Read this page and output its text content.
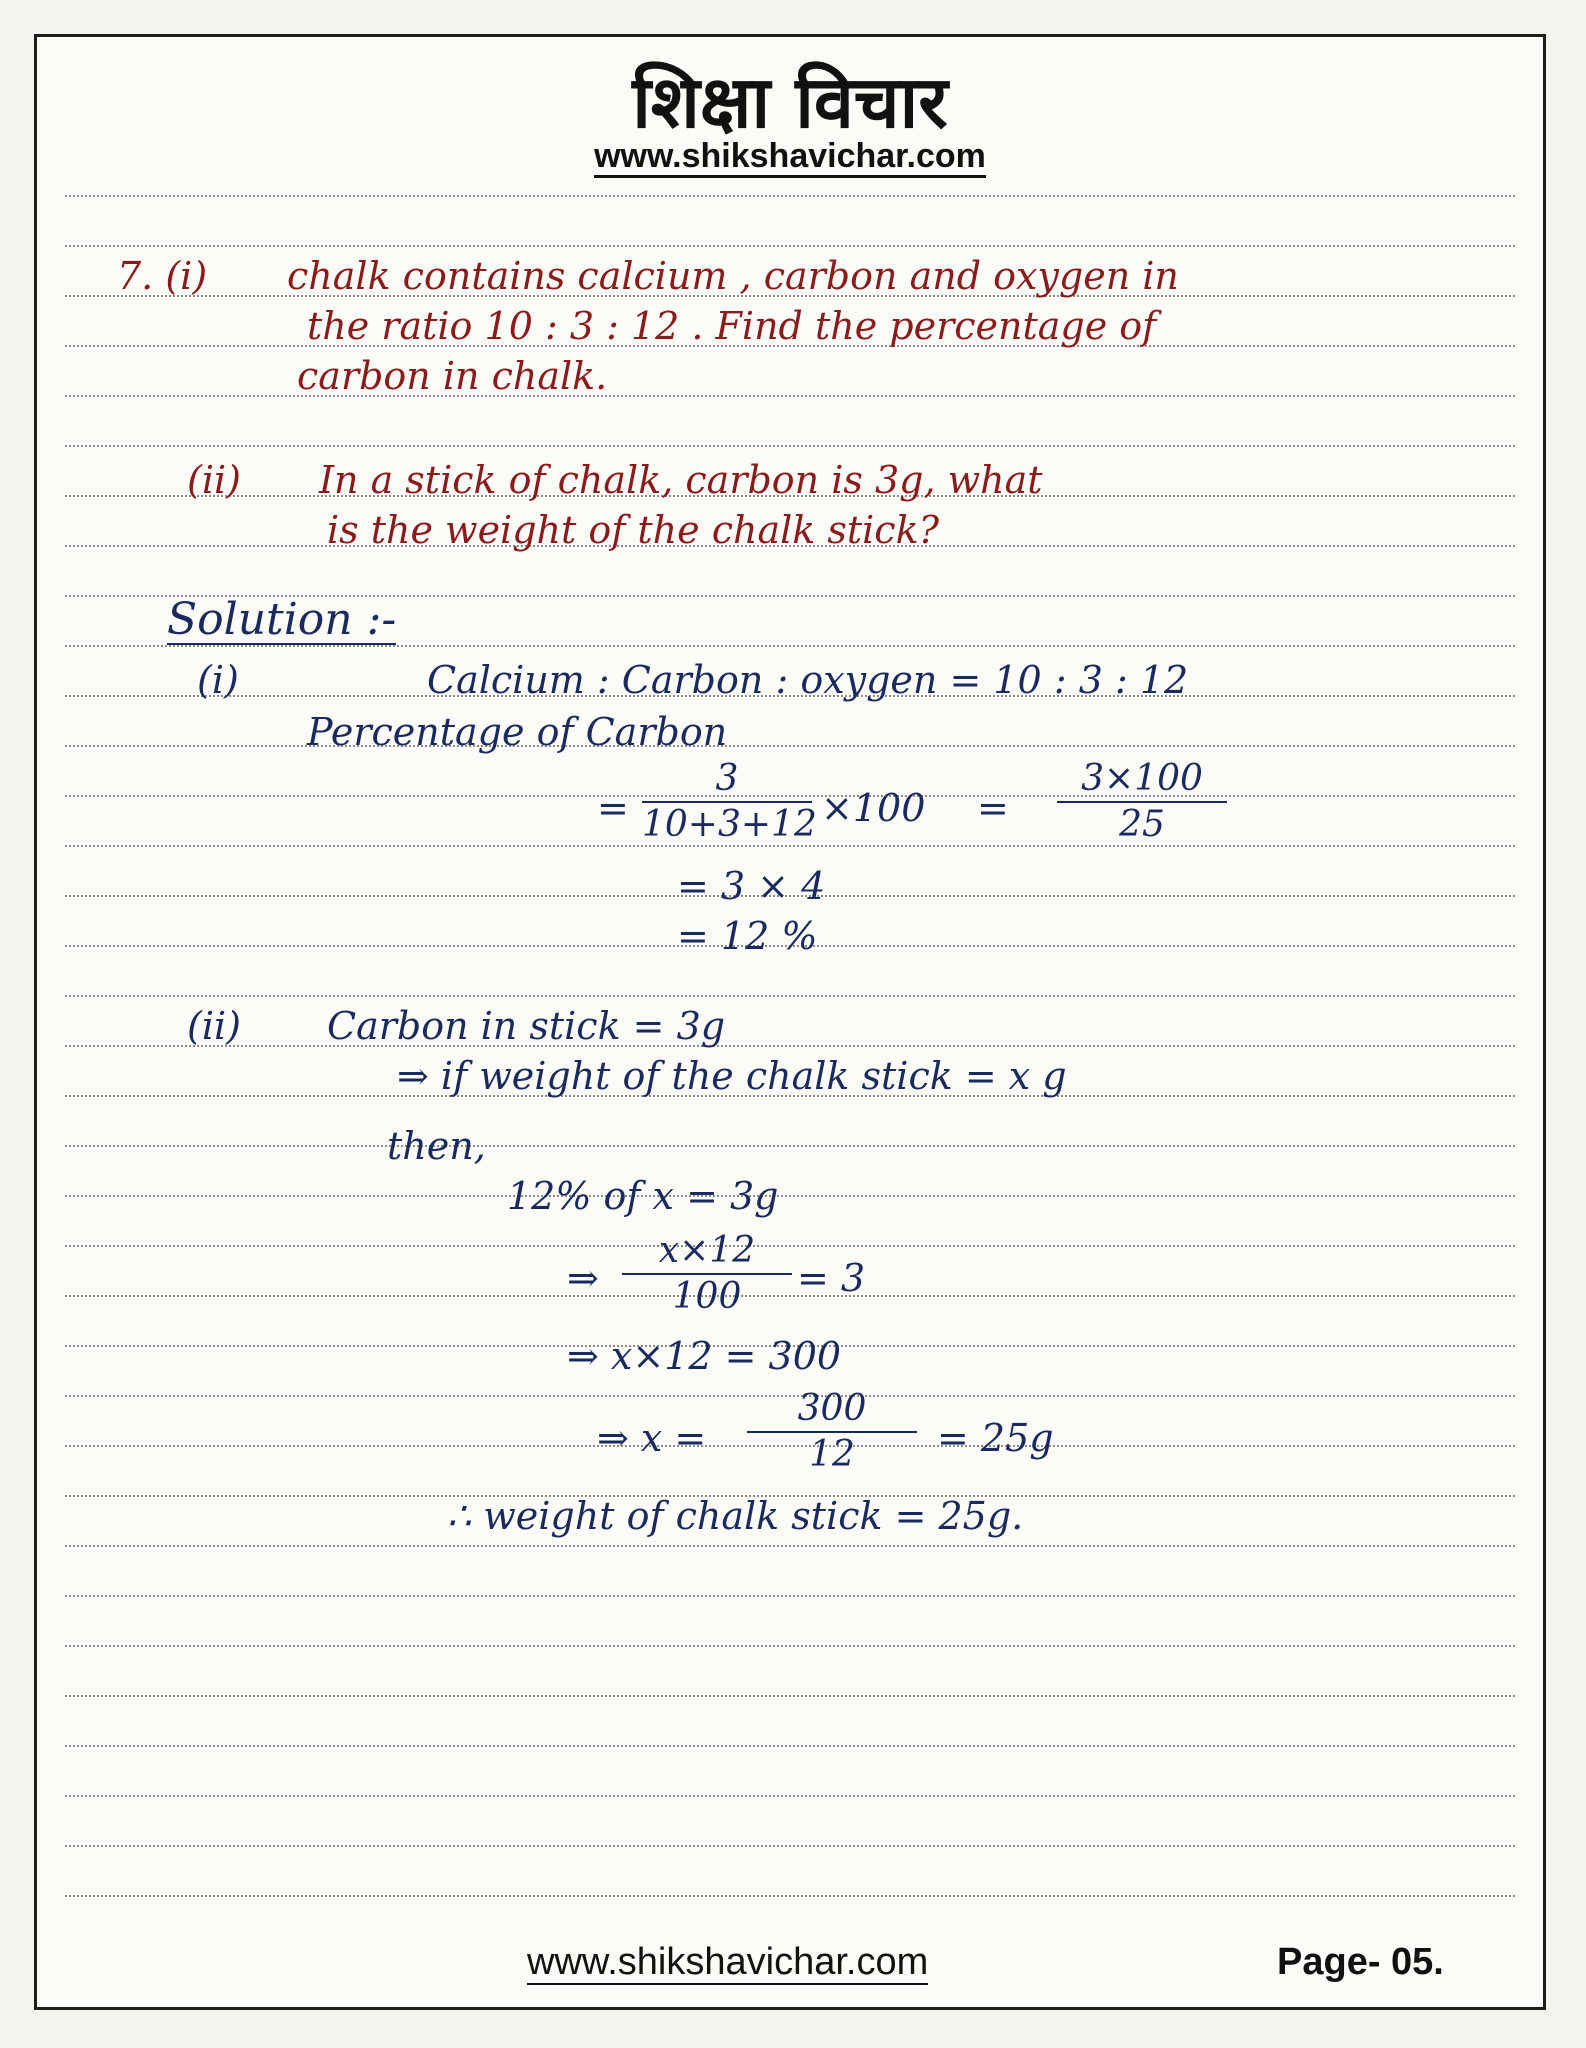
शिक्षा विचार
www.shikshavichar.com
7. (i) chalk contains calcium , carbon and oxygen in
the ratio 10 : 3 : 12 . Find the percentage of
carbon in chalk.
(ii) In a stick of chalk, carbon is 3g, what
is the weight of the chalk stick?
Solution :-
(i)	Calcium : Carbon : oxygen = 10 : 3 : 12
Percentage of Carbon
=
3
10+3+12 ×100 =
3×100
25
= 3 × 4
= 12 %
(ii) Carbon in stick = 3g
⇒ if weight of the chalk stick = x g
then,
12% of x = 3g
⇒
x×12
100	= 3
⇒ x×12 = 300
⇒ x =
300
12	= 25g
∴ weight of chalk stick = 25g.
www.shikshavichar.com	Page- 05.
